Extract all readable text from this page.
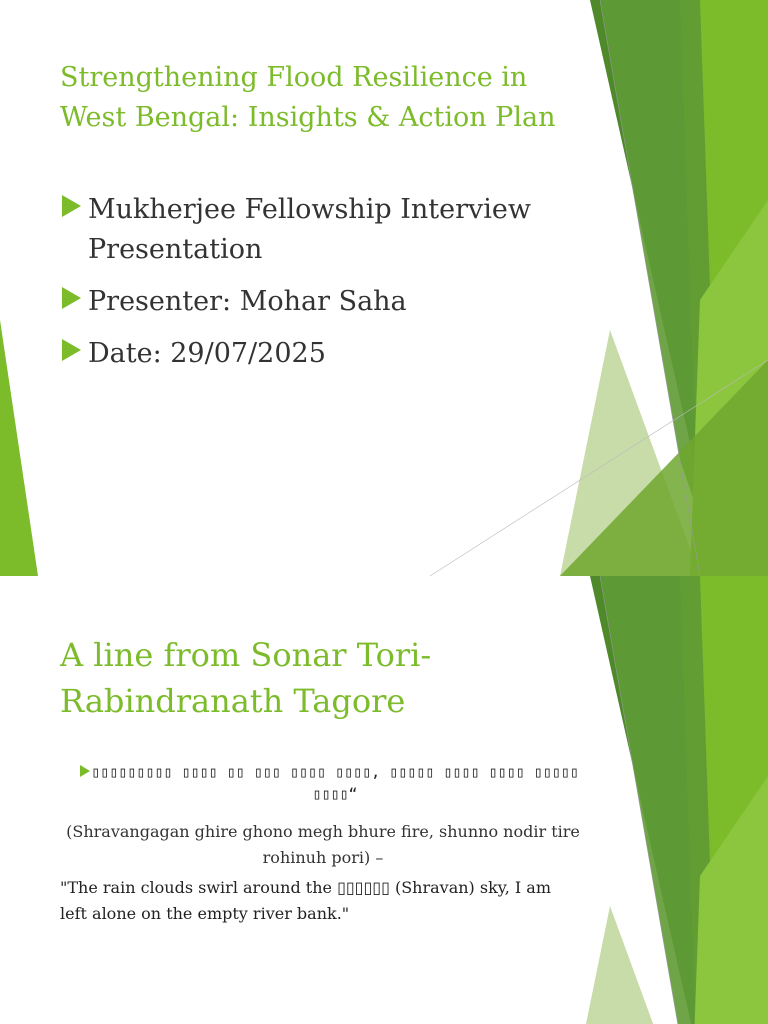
Strengthening Flood Resilience in West Bengal: Insights & Action Plan
Mukherjee Fellowship Interview Presentation
Presenter: Mohar Saha
Date: 29/07/2025
A line from Sonar Tori- Rabindranath Tagore
▯▯▯▯▯▯▯▯▯ ▯▯▯▯ ▯▯ ▯▯▯ ▯▯▯▯ ▯▯▯▯, ▯▯▯▯▯ ▯▯▯▯ ▯▯▯▯ ▯▯▯▯▯ ▯▯▯▯“
(Shravangagan ghire ghono megh bhure fire, shunno nodir tire rohinuh pori) –
"The rain clouds swirl around the ▯▯▯▯▯▯ (Shravan) sky, I am left alone on the empty river bank."
